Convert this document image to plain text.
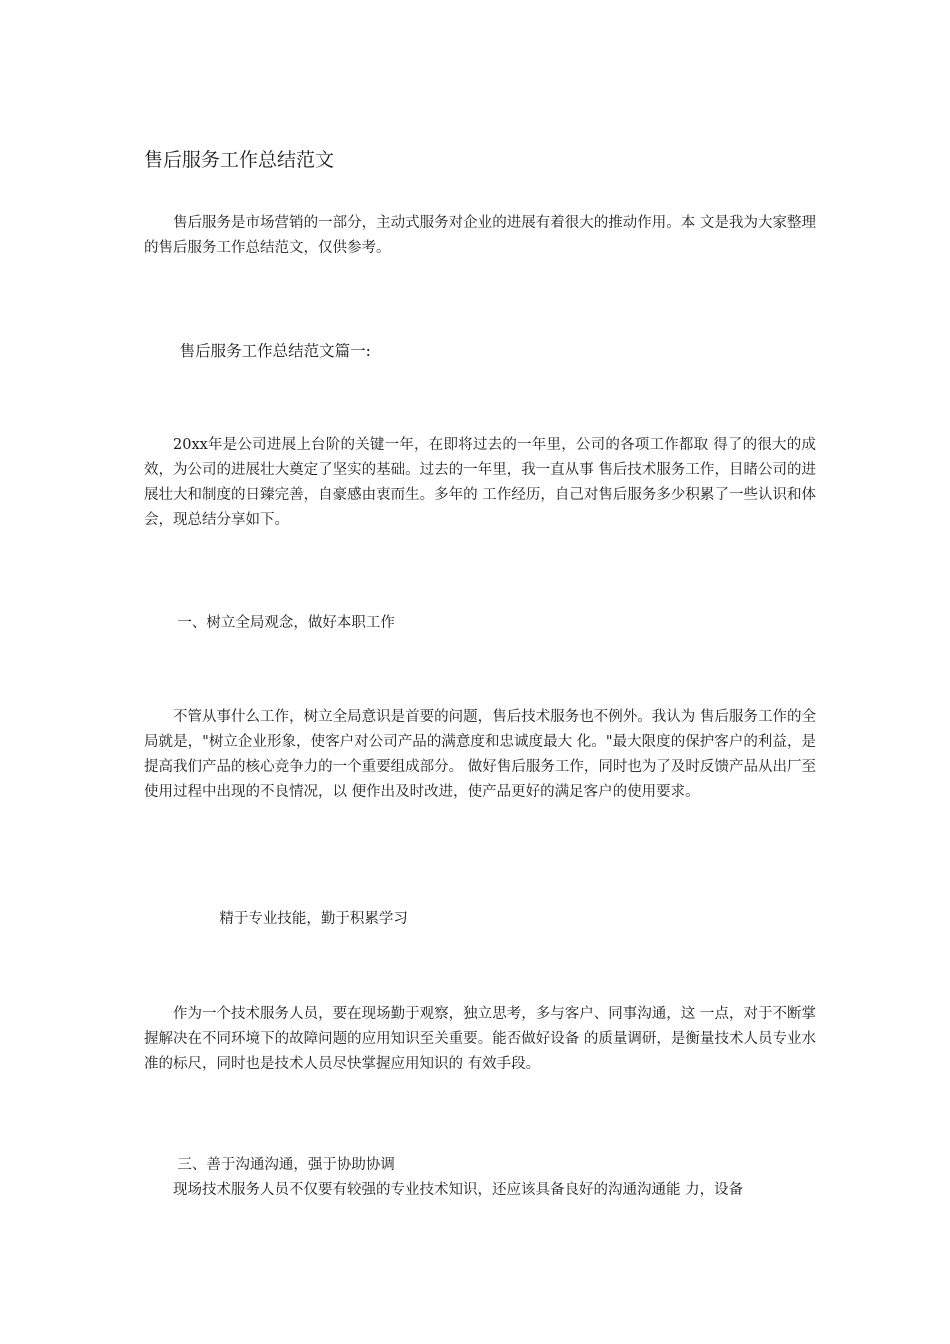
售后服务工作总结范文

售后服务是市场营销的一部分，主动式服务对企业的进展有着很大的推动作用。本 文是我为大家整理的售后服务工作总结范文，仅供参考。

售后服务工作总结范文篇一:

20xx年是公司进展上台阶的关键一年，在即将过去的一年里，公司的各项工作都取 得了的很大的成效，为公司的进展壮大奠定了坚实的基础。过去的一年里，我一直从事 售后技术服务工作，目睹公司的进展壮大和制度的日臻完善，自豪感由衷而生。多年的 工作经历，自己对售后服务多少积累了一些认识和体会，现总结分享如下。

一、树立全局观念，做好本职工作

不管从事什么工作，树立全局意识是首要的问题，售后技术服务也不例外。我认为 售后服务工作的全局就是，"树立企业形象，使客户对公司产品的满意度和忠诚度最大 化。"最大限度的保护客户的利益，是提高我们产品的核心竞争力的一个重要组成部分。 做好售后服务工作，同时也为了及时反馈产品从出厂至使用过程中出现的不良情况，以 便作出及时改进，使产品更好的满足客户的使用要求。

精于专业技能，勤于积累学习

作为一个技术服务人员，要在现场勤于观察，独立思考，多与客户、同事沟通，这 一点，对于不断掌握解决在不同环境下的故障问题的应用知识至关重要。能否做好设备 的质量调研，是衡量技术人员专业水准的标尺，同时也是技术人员尽快掌握应用知识的 有效手段。

三、善于沟通沟通，强于协助协调

现场技术服务人员不仅要有较强的专业技术知识，还应该具备良好的沟通沟通能 力，设备
